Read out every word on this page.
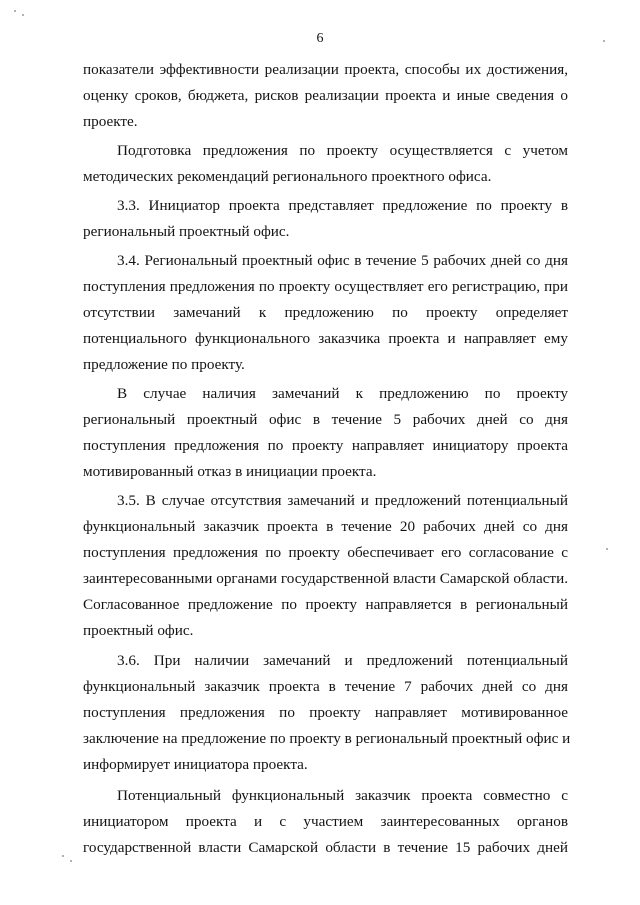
6
показатели эффективности реализации проекта, способы их достижения,
оценку сроков, бюджета, рисков реализации проекта и иные сведения о
проекте.
Подготовка предложения по проекту осуществляется с учетом
методических рекомендаций регионального проектного офиса.
3.3. Инициатор проекта представляет предложение по проекту в
региональный проектный офис.
3.4. Региональный проектный офис в течение 5 рабочих дней со дня
поступления предложения по проекту осуществляет его регистрацию, при
отсутствии замечаний к предложению по проекту определяет
потенциального функционального заказчика проекта и направляет ему
предложение по проекту.
В случае наличия замечаний к предложению по проекту
региональный проектный офис в течение 5 рабочих дней со дня
поступления предложения по проекту направляет инициатору проекта
мотивированный отказ в инициации проекта.
3.5. В случае отсутствия замечаний и предложений потенциальный
функциональный заказчик проекта в течение 20 рабочих дней со дня
поступления предложения по проекту обеспечивает его согласование с
заинтересованными органами государственной власти Самарской области.
Согласованное предложение по проекту направляется в региональный
проектный офис.
3.6. При наличии замечаний и предложений потенциальный
функциональный заказчик проекта в течение 7 рабочих дней со дня
поступления предложения по проекту направляет мотивированное
заключение на предложение по проекту в региональный проектный офис и
информирует инициатора проекта.
Потенциальный функциональный заказчик проекта совместно с
инициатором проекта и с участием заинтересованных органов
государственной власти Самарской области в течение 15 рабочих дней
